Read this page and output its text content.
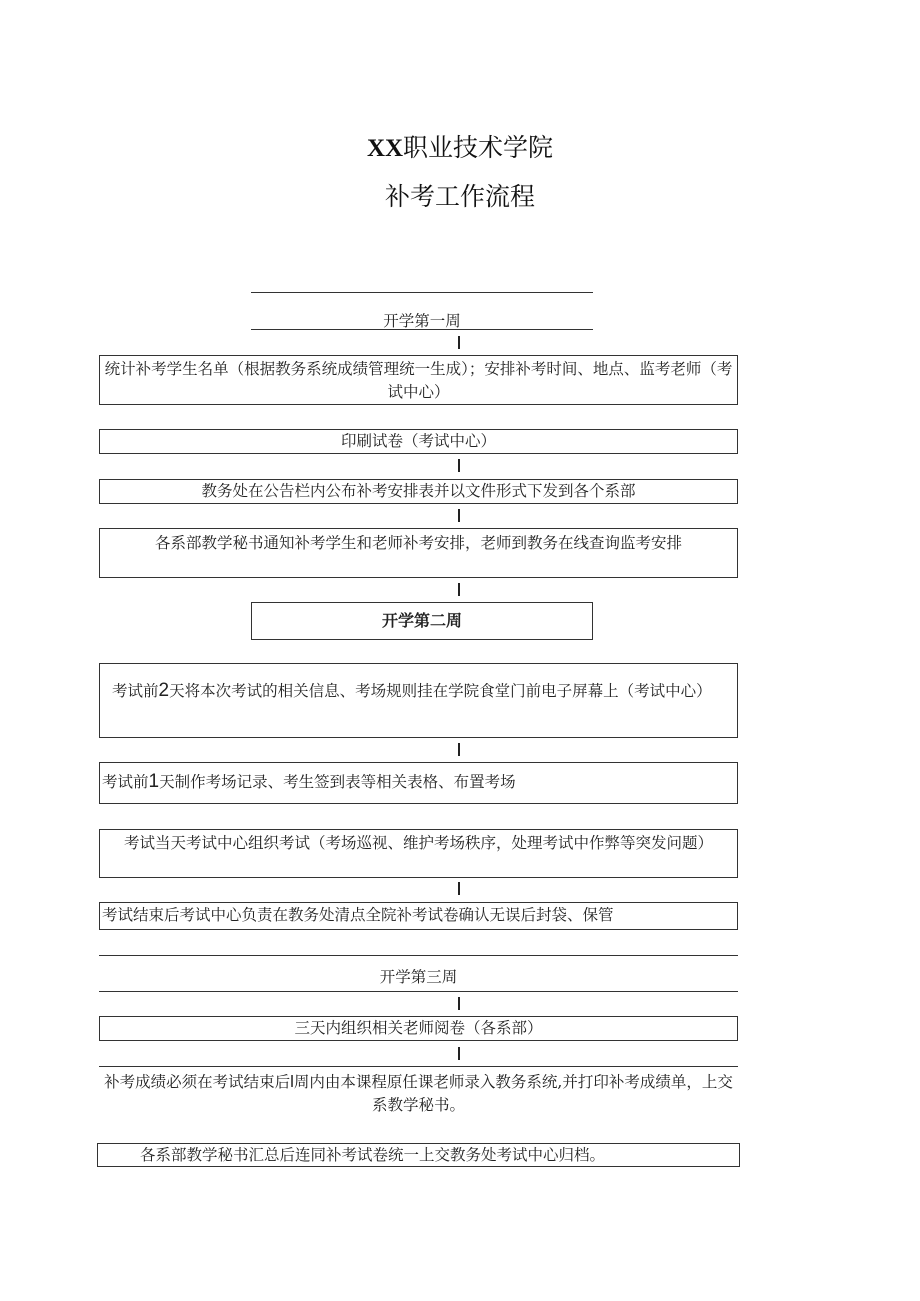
XX职业技术学院
补考工作流程
开学第一周
统计补考学生名单（根据教务系统成绩管理统一生成）；安排补考时间、地点、监考老师（考试中心）
印刷试卷（考试中心）
教务处在公告栏内公布补考安排表并以文件形式下发到各个系部
各系部教学秘书通知补考学生和老师补考安排，老师到教务在线查询监考安排
开学第二周
考试前2天将本次考试的相关信息、考场规则挂在学院食堂门前电子屏幕上（考试中心）
考试前1天制作考场记录、考生签到表等相关表格、布置考场
考试当天考试中心组织考试（考场巡视、维护考场秩序，处理考试中作弊等突发问题）
考试结束后考试中心负责在教务处清点全院补考试卷确认无误后封袋、保管
开学第三周
三天内组织相关老师阅卷（各系部）
补考成绩必须在考试结束后l周内由本课程原任课老师录入教务系统,并打印补考成绩单，上交系教学秘书。
各系部教学秘书汇总后连同补考试卷统一上交教务处考试中心归档。
